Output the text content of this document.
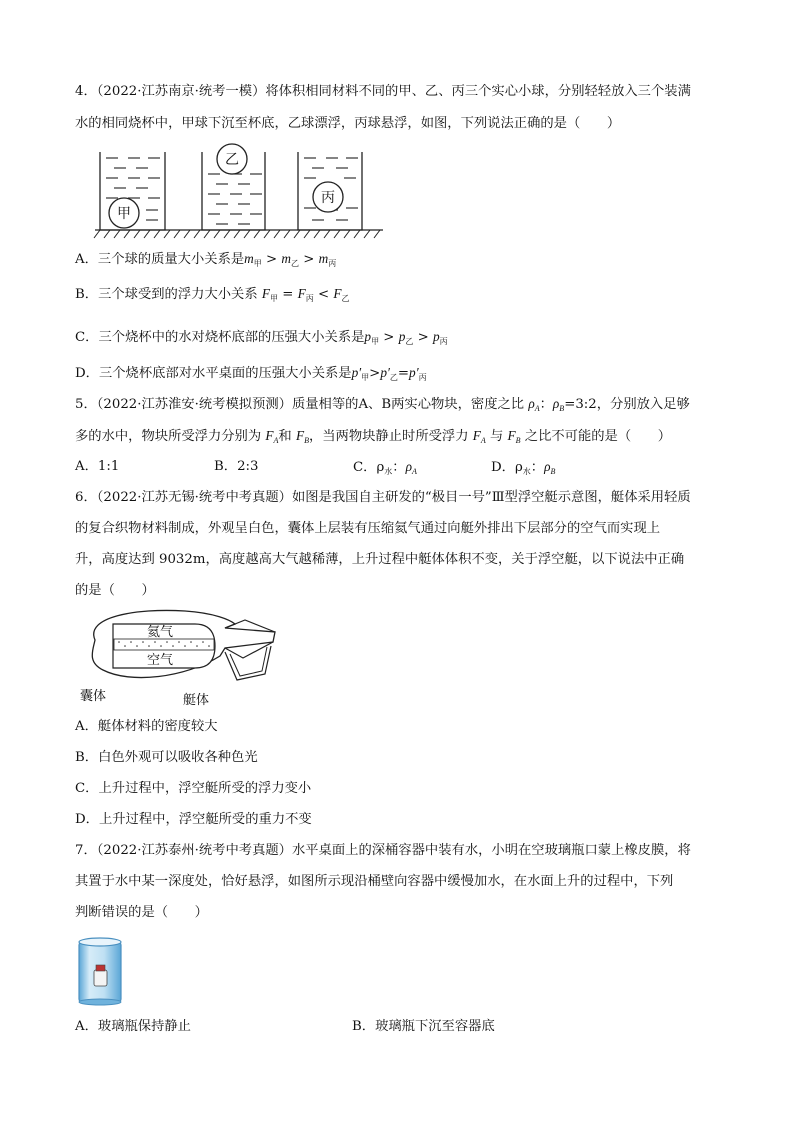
4．（2022·江苏南京·统考一模）将体积相同材料不同的甲、乙、丙三个实心小球，分别轻轻放入三个装满
水的相同烧杯中，甲球下沉至杯底，乙球漂浮，丙球悬浮，如图，下列说法正确的是（　　）
甲
乙
丙
A．三个球的质量大小关系是$m_甲 > m_乙 > m_丙$
B．三个球受到的浮力大小关系 $F_甲 = F_丙 < F_乙$
C．三个烧杯中的水对烧杯底部的压强大小关系是$p_甲 > p_乙 > p_丙$
D．三个烧杯底部对水平桌面的压强大小关系是$p'_甲>p'_乙=p'_丙$
5．（2022·江苏淮安·统考模拟预测）质量相等的A、B两实心物块，密度之比 $\rho_A$：$\rho_B=3:2$，分别放入足够
多的水中，物块所受浮力分别为 $F_A$和 $F_B$，当两物块静止时所受浮力 $F_A$ 与 $F_B$ 之比不可能的是（　　）
A．1:1	B．2:3	C．$\rho_水$：$\rho_A$	D．$\rho_水$：$\rho_B$
6．（2022·江苏无锡·统考中考真题）如图是我国自主研发的“极目一号”Ⅲ型浮空艇示意图，艇体采用轻质
的复合织物材料制成，外观呈白色，囊体上层装有压缩氦气通过向艇外排出下层部分的空气而实现上
升，高度达到 9032m，高度越高大气越稀薄，上升过程中艇体体积不变，关于浮空艇，以下说法中正确
的是（　　）
氦气
空气
囊体	艇体
A．艇体材料的密度较大
B．白色外观可以吸收各种色光
C．上升过程中，浮空艇所受的浮力变小
D．上升过程中，浮空艇所受的重力不变
7．（2022·江苏泰州·统考中考真题）水平桌面上的深桶容器中装有水，小明在空玻璃瓶口蒙上橡皮膜，将
其置于水中某一深度处，恰好悬浮，如图所示现沿桶壁向容器中缓慢加水，在水面上升的过程中，下列
判断错误的是（　　）
A．玻璃瓶保持静止	B．玻璃瓶下沉至容器底
